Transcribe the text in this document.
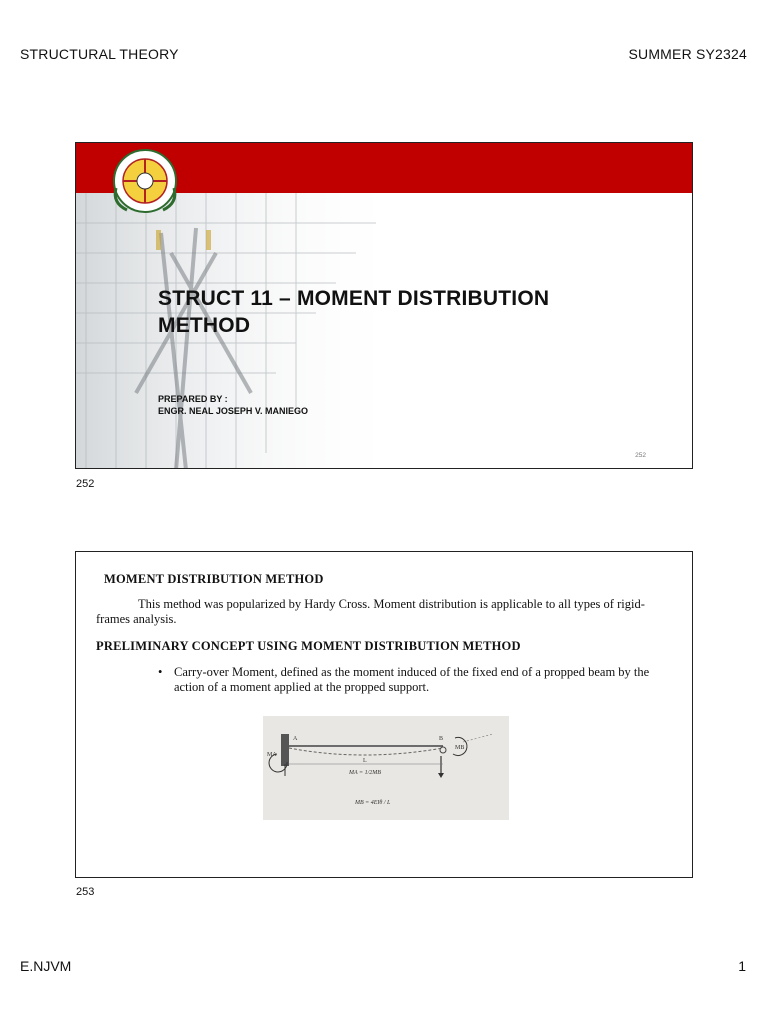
STRUCTURAL THEORY	SUMMER SY2324
STRUCT 11 – MOMENT DISTRIBUTION METHOD
PREPARED BY :
ENGR. NEAL JOSEPH V. MANIEGO
252
252
MOMENT DISTRIBUTION METHOD
This method was popularized by Hardy Cross. Moment distribution is applicable to all types of rigid-frames analysis.
PRELIMINARY CONCEPT USING MOMENT DISTRIBUTION METHOD
• Carry-over Moment, defined as the moment induced of the fixed end of a propped beam by the action of a moment applied at the propped support.
A	B
MA
MB
L
MA = 1/2MB
MB = 4EIθ / L
253
E.NJVM	1
